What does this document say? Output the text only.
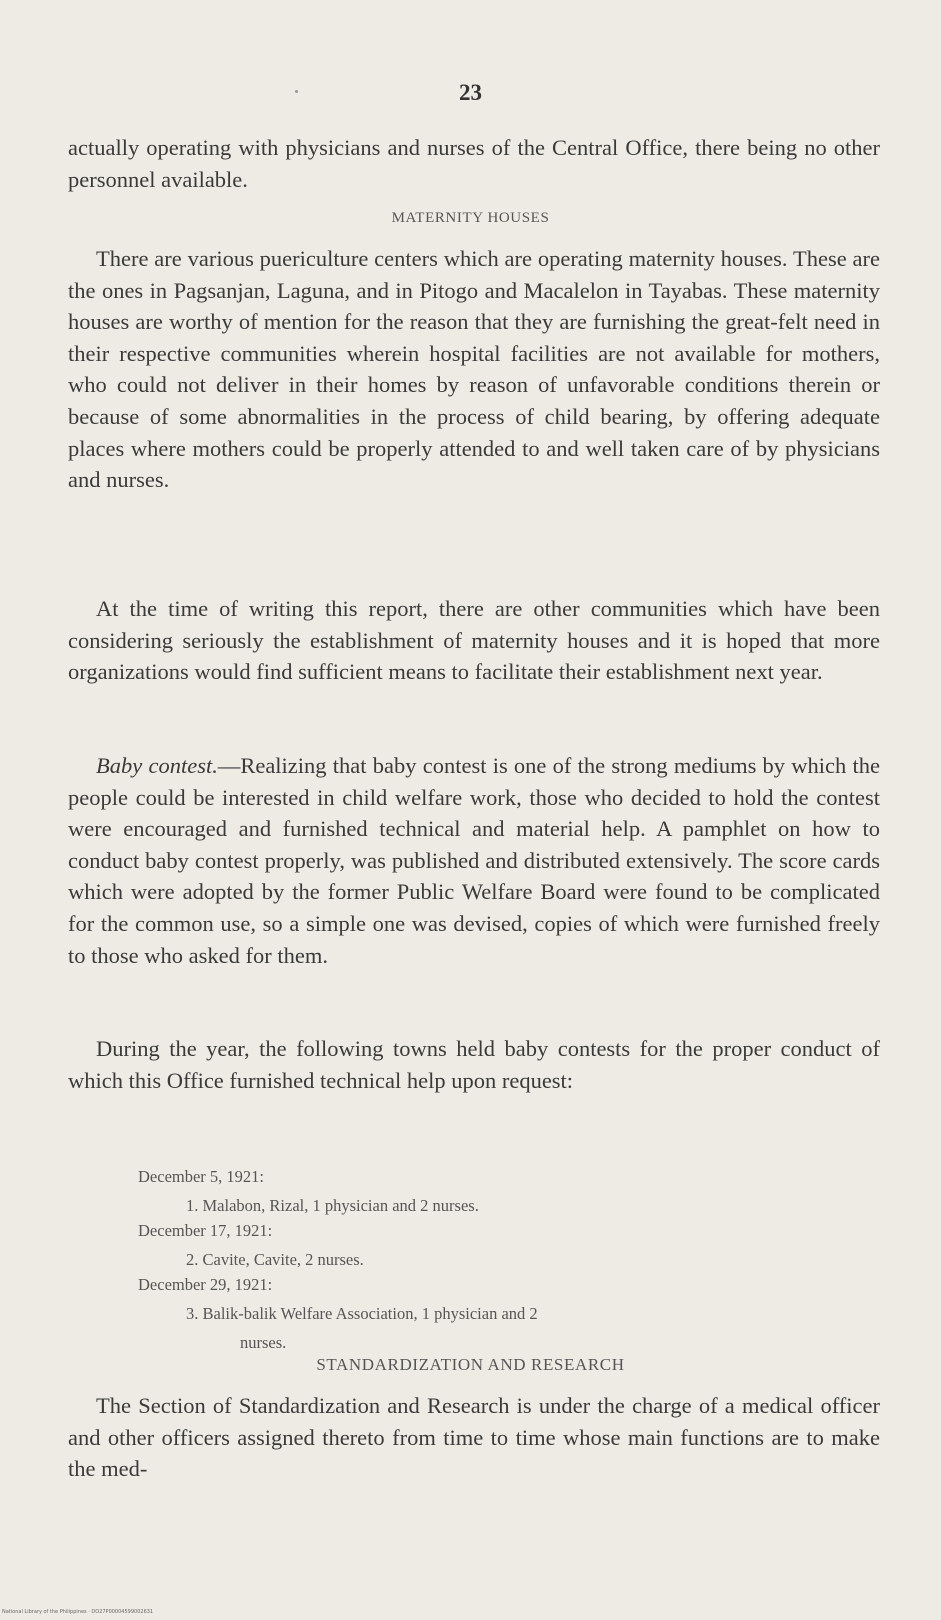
23

actually operating with physicians and nurses of the Central Office, there being no other personnel available.

MATERNITY HOUSES

There are various puericulture centers which are operating maternity houses. These are the ones in Pagsanjan, Laguna, and in Pitogo and Macalelon in Tayabas. These maternity houses are worthy of mention for the reason that they are furnishing the great-felt need in their respective communities wherein hospital facilities are not available for mothers, who could not deliver in their homes by reason of unfavorable conditions therein or because of some abnormalities in the process of child bearing, by offering adequate places where mothers could be properly attended to and well taken care of by physicians and nurses.

At the time of writing this report, there are other communities which have been considering seriously the establishment of maternity houses and it is hoped that more organizations would find sufficient means to facilitate their establishment next year.

Baby contest.—Realizing that baby contest is one of the strong mediums by which the people could be interested in child welfare work, those who decided to hold the contest were encouraged and furnished technical and material help. A pamphlet on how to conduct baby contest properly, was published and distributed extensively. The score cards which were adopted by the former Public Welfare Board were found to be complicated for the common use, so a simple one was devised, copies of which were furnished freely to those who asked for them.

During the year, the following towns held baby contests for the proper conduct of which this Office furnished technical help upon request:

December 5, 1921:
1. Malabon, Rizal, 1 physician and 2 nurses.
December 17, 1921:
2. Cavite, Cavite, 2 nurses.
December 29, 1921:
3. Balik-balik Welfare Association, 1 physician and 2
nurses.
STANDARDIZATION AND RESEARCH

The Section of Standardization and Research is under the charge of a medical officer and other officers assigned thereto from time to time whose main functions are to make the med-

National Library of the Philippines · DO27P00004599002631
